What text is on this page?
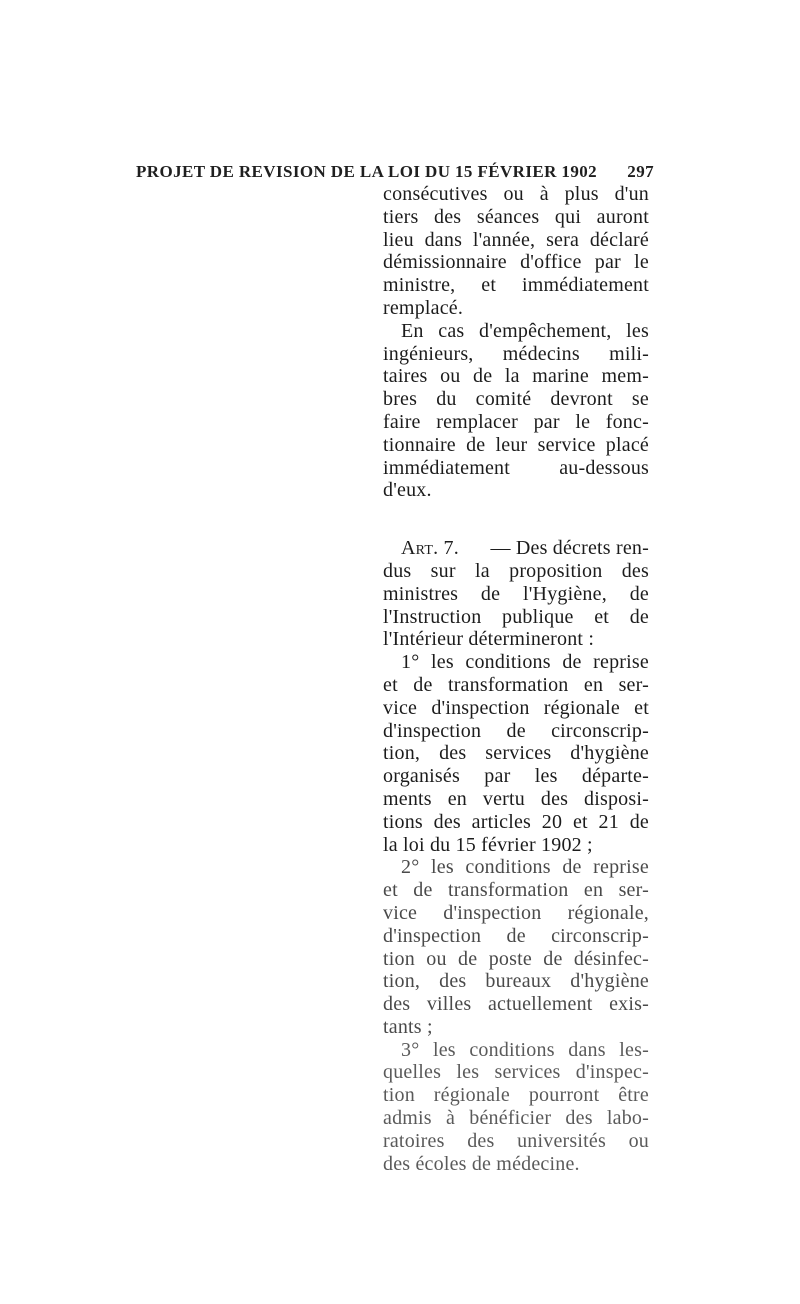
PROJET DE REVISION DE LA LOI DU 15 FÉVRIER 1902 297
consécutives ou à plus d'un
tiers des séances qui auront
lieu dans l'année, sera déclaré
démissionnaire d'office par le
ministre, et immédiatement
remplacé.
En cas d'empêchement, les
ingénieurs, médecins mili-
taires ou de la marine mem-
bres du comité devront se
faire remplacer par le fonc-
tionnaire de leur service placé
immédiatement au-dessous
d'eux.
Art. 7. — Des décrets ren-
dus sur la proposition des
ministres de l'Hygiène, de
l'Instruction publique et de
l'Intérieur détermineront :
1° les conditions de reprise
et de transformation en ser-
vice d'inspection régionale et
d'inspection de circonscrip-
tion, des services d'hygiène
organisés par les départe-
ments en vertu des disposi-
tions des articles 20 et 21 de
la loi du 15 février 1902 ;
2° les conditions de reprise
et de transformation en ser-
vice d'inspection régionale,
d'inspection de circonscrip-
tion ou de poste de désinfec-
tion, des bureaux d'hygiène
des villes actuellement exis-
tants ;
3° les conditions dans les-
quelles les services d'inspec-
tion régionale pourront être
admis à bénéficier des labo-
ratoires des universités ou
des écoles de médecine.
